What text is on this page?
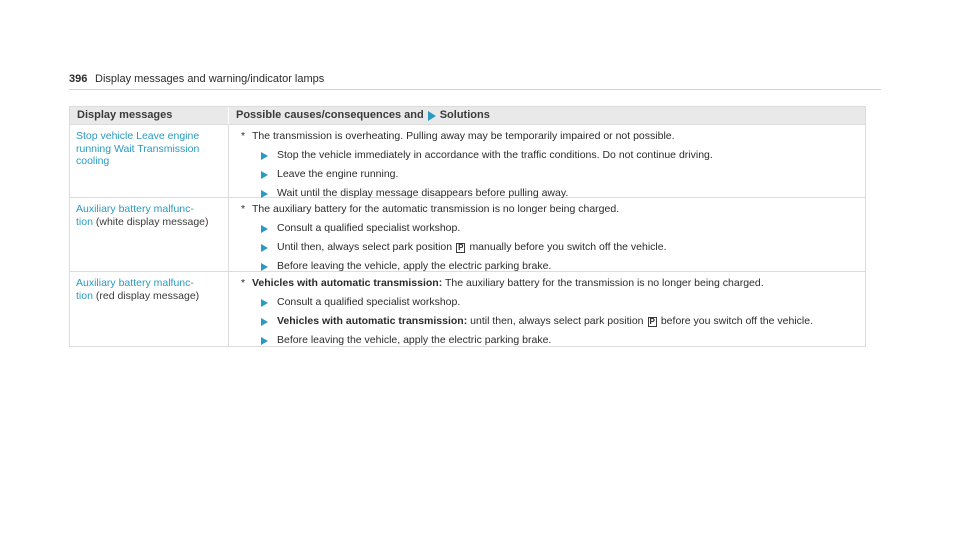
396 Display messages and warning/indicator lamps
Display messages	Possible causes/consequences and Solutions
Stop vehicle Leave engine running Wait Transmission cooling
* The transmission is overheating. Pulling away may be temporarily impaired or not possible.
Stop the vehicle immediately in accordance with the traffic conditions. Do not continue driving.
Leave the engine running.
Wait until the display message disappears before pulling away.
Auxiliary battery malfunc-
tion (white display message)
* The auxiliary battery for the automatic transmission is no longer being charged.
Consult a qualified specialist workshop.
Until then, always select park position P manually before you switch off the vehicle.
Before leaving the vehicle, apply the electric parking brake.
Auxiliary battery malfunc-
tion (red display message)
* Vehicles with automatic transmission: The auxiliary battery for the transmission is no longer being charged.
Consult a qualified specialist workshop.
Vehicles with automatic transmission:
until then, always select park position P before you switch off the vehicle.
Before leaving the vehicle, apply the electric parking brake.
